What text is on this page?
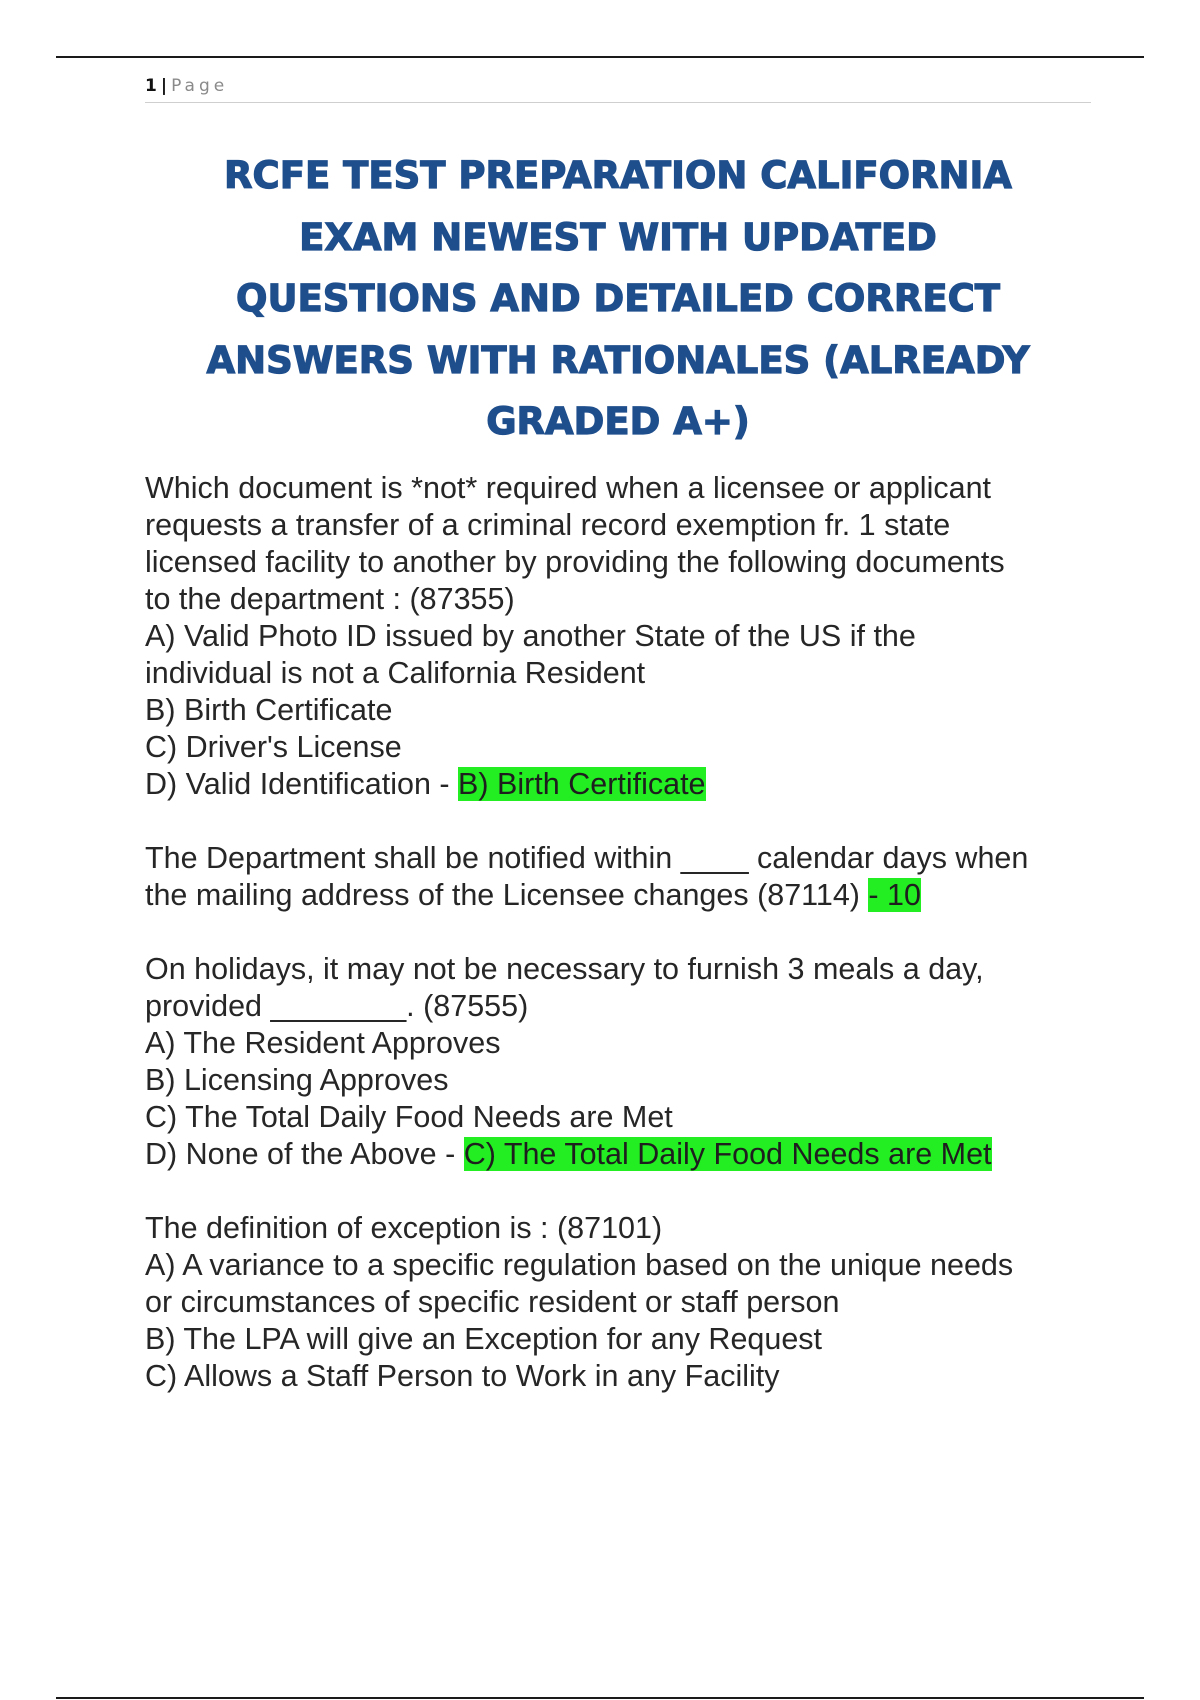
1 | Page
RCFE TEST PREPARATION CALIFORNIA
EXAM NEWEST WITH UPDATED
QUESTIONS AND DETAILED CORRECT
ANSWERS WITH RATIONALES (ALREADY
GRADED A+)
Which document is *not* required when a licensee or applicant
requests a transfer of a criminal record exemption fr. 1 state
licensed facility to another by providing the following documents
to the department : (87355)
A) Valid Photo ID issued by another State of the US if the
individual is not a California Resident
B) Birth Certificate
C) Driver's License
D) Valid Identification - B) Birth Certificate
The Department shall be notified within ____ calendar days when
the mailing address of the Licensee changes (87114) - 10
On holidays, it may not be necessary to furnish 3 meals a day,
provided ________. (87555)
A) The Resident Approves
B) Licensing Approves
C) The Total Daily Food Needs are Met
D) None of the Above - C) The Total Daily Food Needs are Met
The definition of exception is : (87101)
A) A variance to a specific regulation based on the unique needs
or circumstances of specific resident or staff person
B) The LPA will give an Exception for any Request
C) Allows a Staff Person to Work in any Facility
